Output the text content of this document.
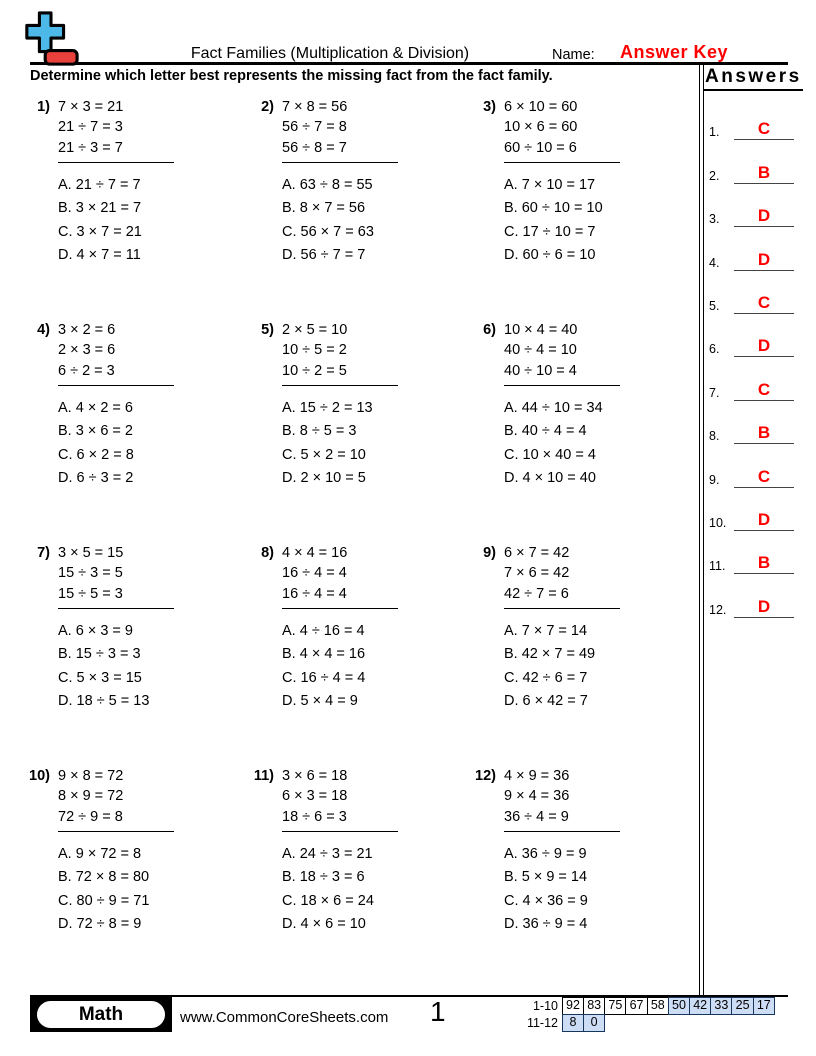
Fact Families (Multiplication & Division)	Name: Answer Key
Determine which letter best represents the missing fact from the fact family.	Answers
1.	C
2.	B
3.	D
4.	D
5.	C
6.	D
7.	C
8.	B
9.	C
10.	D
11.	B
12.	D
1) 7 × 3 = 21
21 ÷ 7 = 3
21 ÷ 3 = 7
A. 21 ÷ 7 = 7
B. 3 × 21 = 7
C. 3 × 7 = 21
D. 4 × 7 = 11
2) 7 × 8 = 56
56 ÷ 7 = 8
56 ÷ 8 = 7
A. 63 ÷ 8 = 55
B. 8 × 7 = 56
C. 56 × 7 = 63
D. 56 ÷ 7 = 7
3) 6 × 10 = 60
10 × 6 = 60
60 ÷ 10 = 6
A. 7 × 10 = 17
B. 60 ÷ 10 = 10
C. 17 ÷ 10 = 7
D. 60 ÷ 6 = 10
4) 3 × 2 = 6
2 × 3 = 6
6 ÷ 2 = 3
A. 4 × 2 = 6
B. 3 × 6 = 2
C. 6 × 2 = 8
D. 6 ÷ 3 = 2
5) 2 × 5 = 10
10 ÷ 5 = 2
10 ÷ 2 = 5
A. 15 ÷ 2 = 13
B. 8 ÷ 5 = 3
C. 5 × 2 = 10
D. 2 × 10 = 5
6) 10 × 4 = 40
40 ÷ 4 = 10
40 ÷ 10 = 4
A. 44 ÷ 10 = 34
B. 40 ÷ 4 = 4
C. 10 × 40 = 4
D. 4 × 10 = 40
7) 3 × 5 = 15
15 ÷ 3 = 5
15 ÷ 5 = 3
A. 6 × 3 = 9
B. 15 ÷ 3 = 3
C. 5 × 3 = 15
D. 18 ÷ 5 = 13
8) 4 × 4 = 16
16 ÷ 4 = 4
16 ÷ 4 = 4
A. 4 ÷ 16 = 4
B. 4 × 4 = 16
C. 16 ÷ 4 = 4
D. 5 × 4 = 9
9) 6 × 7 = 42
7 × 6 = 42
42 ÷ 7 = 6
A. 7 × 7 = 14
B. 42 × 7 = 49
C. 42 ÷ 6 = 7
D. 6 × 42 = 7
10) 9 × 8 = 72
8 × 9 = 72
72 ÷ 9 = 8
A. 9 × 72 = 8
B. 72 × 8 = 80
C. 80 ÷ 9 = 71
D. 72 ÷ 8 = 9
11) 3 × 6 = 18
6 × 3 = 18
18 ÷ 6 = 3
A. 24 ÷ 3 = 21
B. 18 ÷ 3 = 6
C. 18 × 6 = 24
D. 4 × 6 = 10
12) 4 × 9 = 36
9 × 4 = 36
36 ÷ 4 = 9
A. 36 ÷ 9 = 9
B. 5 × 9 = 14
C. 4 × 36 = 9
D. 36 ÷ 9 = 4
Math	www.CommonCoreSheets.com 1	1-10 92 83 75 67 58 50 42 33 25 17
11-12 8	0
